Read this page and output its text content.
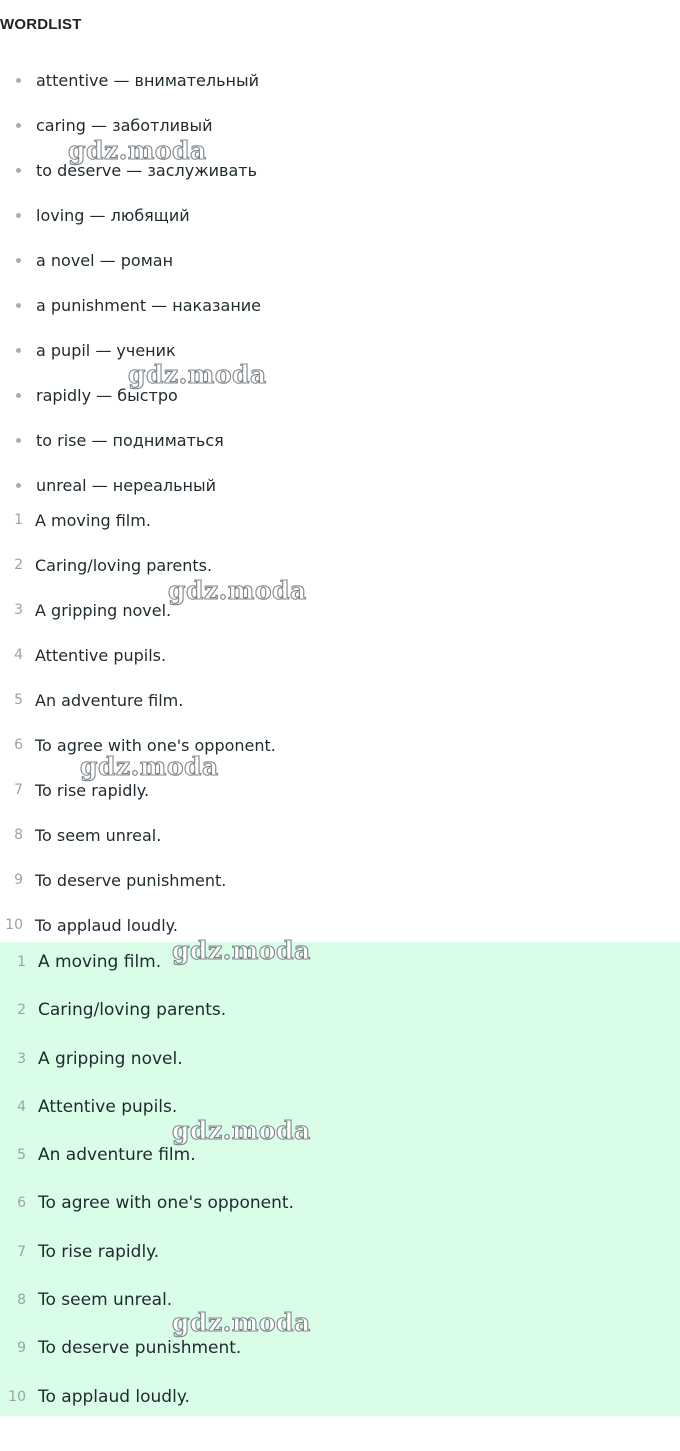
WORDLIST
attentive — внимательный
caring — заботливый
to deserve — заслуживать
loving — любящий
a novel — роман
a punishment — наказание
a pupil — ученик
rapidly — быстро
to rise — подниматься
unreal — нереальный
1 A moving film.
2 Caring/loving parents.
3 A gripping novel.
4 Attentive pupils.
5 An adventure film.
6 To agree with one's opponent.
7 To rise rapidly.
8 To seem unreal.
9 To deserve punishment.
10 To applaud loudly.
1 A moving film.
2 Caring/loving parents.
3 A gripping novel.
4 Attentive pupils.
5 An adventure film.
6 To agree with one's opponent.
7 To rise rapidly.
8 To seem unreal.
9 To deserve punishment.
10 To applaud loudly.
gdz.moda
gdz.moda
gdz.moda
gdz.moda
gdz.moda
gdz.moda
gdz.moda
